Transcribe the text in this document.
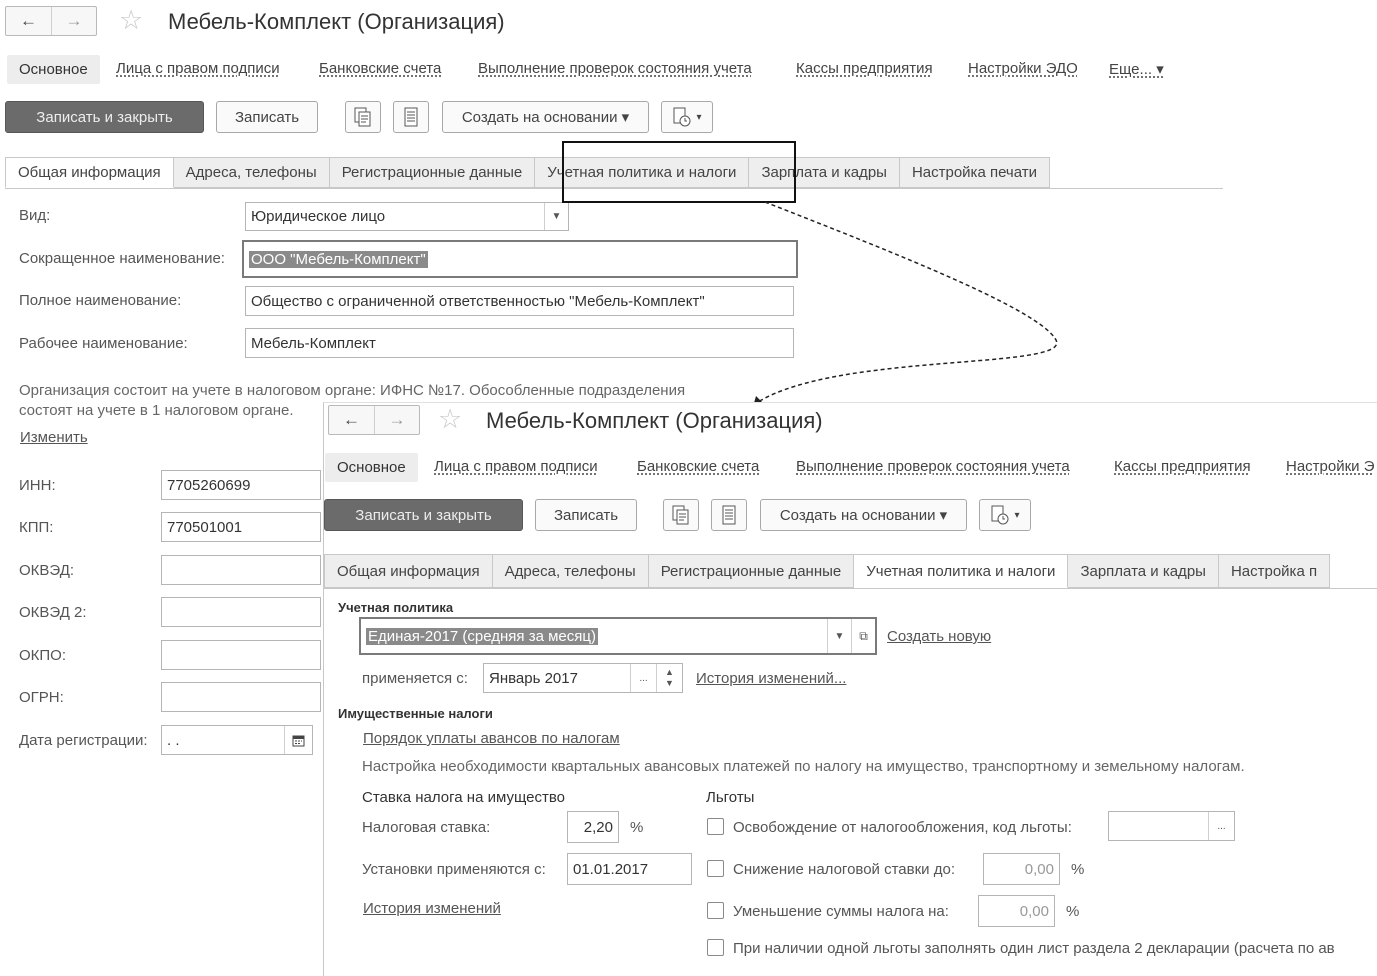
←	→	☆ Мебель-Комплект (Организация)
Основное	Лица с правом подписи	Банковские счета Выполнение проверок состояния учета	Кассы предприятия Настройки ЭДО Еще... ▾
Записать и закрыть	Записать	Создать на основании ▾	▾
Общая информация	Адреса, телефоны	Регистрационные данные	Учетная политика и налоги	Зарплата и кадры	Настройка печати
Вид:	Юридическое лицо	▼
Сокращенное наименование: ООО "Мебель-Комплект"
Полное наименование:	Общество с ограниченной ответственностью "Мебель-Комплект"
Рабочее наименование:	Мебель-Комплект
Организация состоит на учете в налоговом органе: ИФНС №17. Обособленные подразделения
состоят на учете в 1 налоговом органе.
Изменить
ИНН:	7705260699
КПП:	770501001
ОКВЭД:
ОКВЭД 2:
ОКПО:
ОГРН:
Дата регистрации: . .
←	→	☆ Мебель-Комплект (Организация)
Основное	Лица с правом подписи	Банковские счета Выполнение проверок состояния учета	Кассы предприятия Настройки Э
Записать и закрыть	Записать	Создать на основании ▾	▾
Общая информация	Адреса, телефоны	Регистрационные данные	Учетная политика и налоги	Зарплата и кадры	Настройка п
Учетная политика
Единая-2017 (средняя за месяц)	▼	⧉	Создать новую
применяется с: Январь 2017	...
▲
▼	История изменений...
Имущественные налоги
Порядок уплаты авансов по налогам
Настройка необходимости квартальных авансовых платежей по налогу на имущество, транспортному и земельному налогам.
Ставка налога на имущество
Налоговая ставка:	2,20	%
Установки применяются с:	01.01.2017
История изменений
Льготы
Освобождение от налогообложения, код льготы:	...
Снижение налоговой ставки до:	0,00	%
Уменьшение суммы налога на:	0,00	%
При наличии одной льготы заполнять один лист раздела 2 декларации (расчета по ав
